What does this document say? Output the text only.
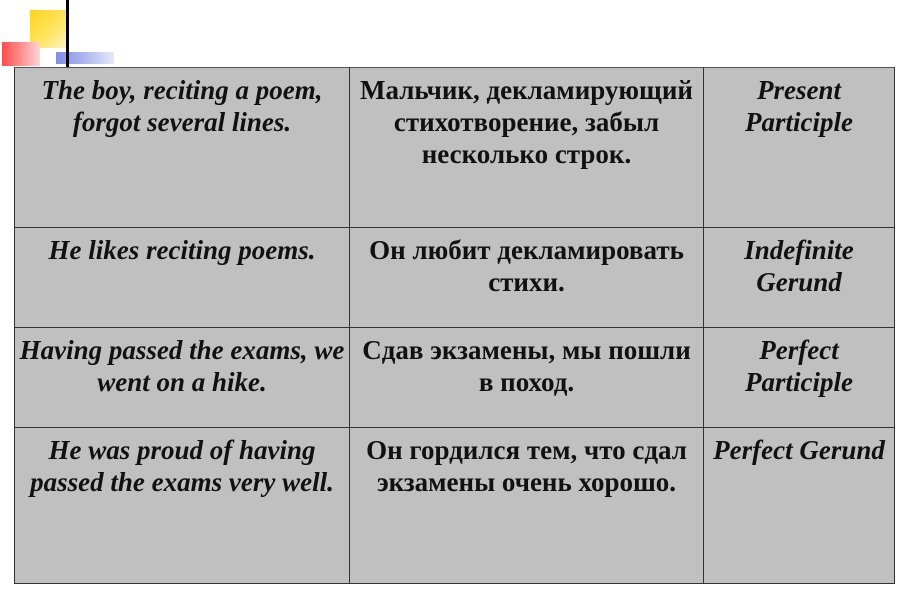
The boy, reciting a poem, forgot several lines.	Мальчик, декламирующий стихотворение, забыл несколько строк.	Present Participle
He likes reciting poems.	Он любит декламировать стихи.	Indefinite Gerund
Having passed the exams, we went on a hike.	Сдав экзамены, мы пошли в поход.	Perfect Participle
He was proud of having passed the exams very well.	Он гордился тем, что сдал экзамены очень хорошо.	Perfect Gerund
